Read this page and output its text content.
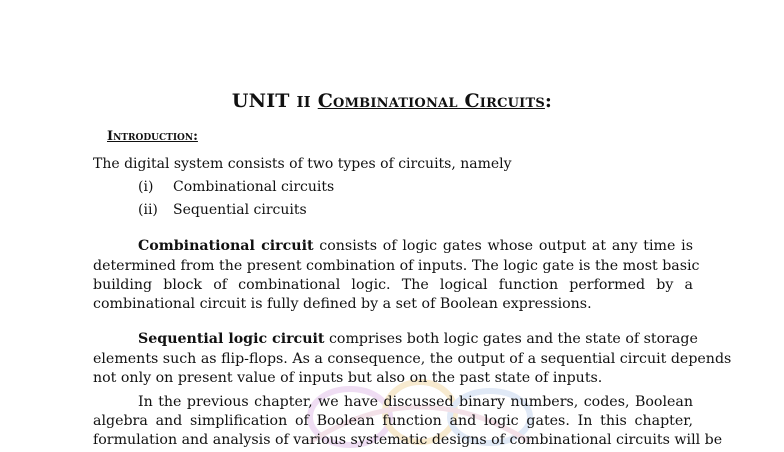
UNIT II Combinational Circuits:
Introduction:
The digital system consists of two types of circuits, namely
(i) Combinational circuits
(ii) Sequential circuits
Combinational circuit consists of logic gates whose output at any time is
determined from the present combination of inputs. The logic gate is the most basic
building block of combinational logic. The logical function performed by a
combinational circuit is fully defined by a set of Boolean expressions.
Sequential logic circuit comprises both logic gates and the state of storage
elements such as flip-flops. As a consequence, the output of a sequential circuit depends
not only on present value of inputs but also on the past state of inputs.
In the previous chapter, we have discussed binary numbers, codes, Boolean
algebra and simplification of Boolean function and logic gates. In this chapter,
formulation and analysis of various systematic designs of combinational circuits will be
